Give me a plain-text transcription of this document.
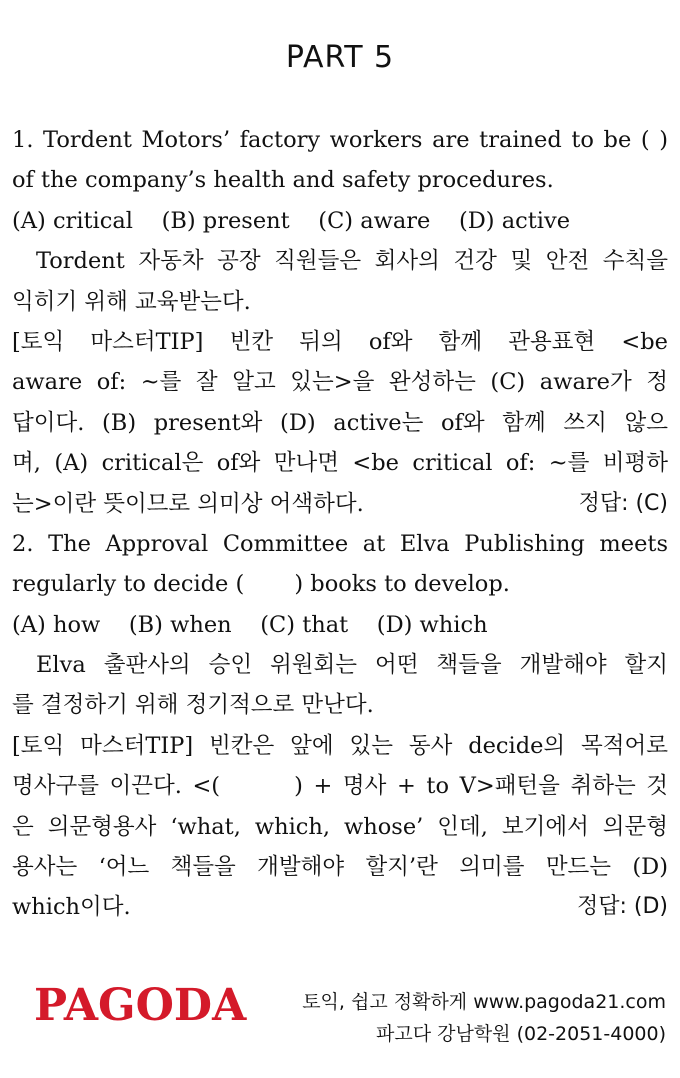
PART 5
1. Tordent Motors’ factory workers are trained to be ( )
of the company’s health and safety procedures.
(A) critical    (B) present    (C) aware    (D) active
Tordent 자동차 공장 직원들은 회사의 건강 및 안전 수칙을
익히기 위해 교육받는다.
[토익 마스터TIP] 빈칸 뒤의 of와 함께 관용표현 <be
aware of: ~를 잘 알고 있는>을 완성하는 (C) aware가 정
답이다. (B) present와 (D) active는 of와 함께 쓰지 않으
며, (A) critical은 of와 만나면 <be critical of: ~를 비평하
는>이란 뜻이므로 의미상 어색하다.	정답: (C)
2. The Approval Committee at Elva Publishing meets
regularly to decide (       ) books to develop.
(A) how    (B) when    (C) that    (D) which
Elva 출판사의 승인 위원회는 어떤 책들을 개발해야 할지
를 결정하기 위해 정기적으로 만난다.
[토익 마스터TIP] 빈칸은 앞에 있는 동사 decide의 목적어로
명사구를 이끈다. <(       ) + 명사 + to V>패턴을 취하는 것
은 의문형용사 ‘what, which, whose’ 인데, 보기에서 의문형
용사는 ‘어느 책들을 개발해야 할지’란 의미를 만드는 (D)
which이다.	정답: (D)
PAGODA	토익, 쉽고 정확하게 www.pagoda21.com
파고다 강남학원 (02-2051-4000)
